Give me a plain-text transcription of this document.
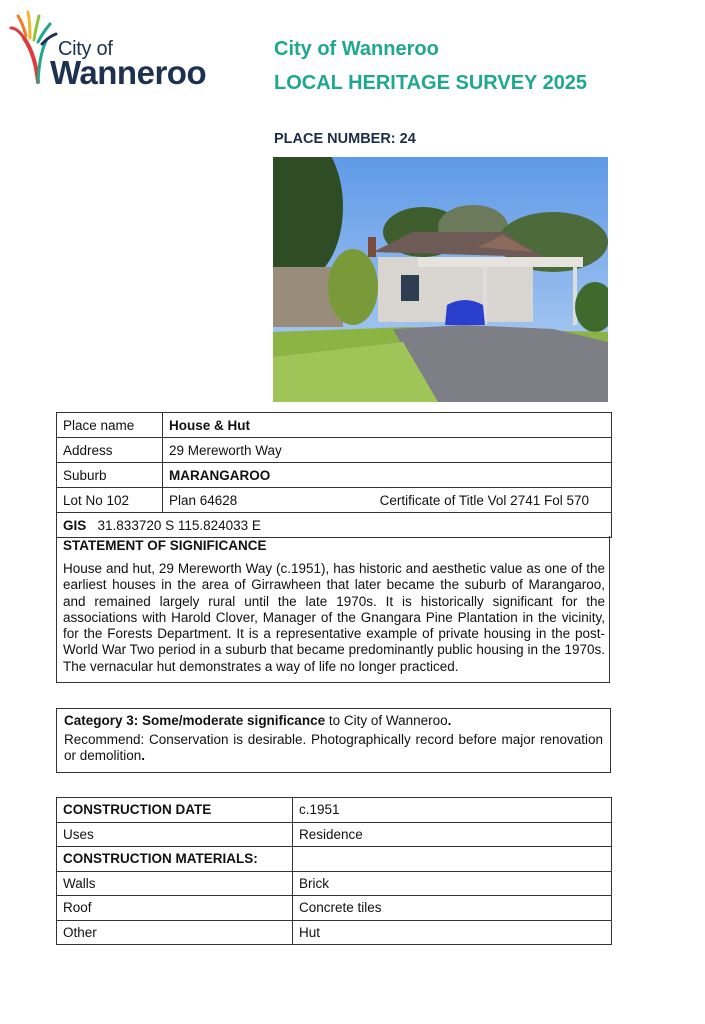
City of
Wanneroo
City of Wanneroo
LOCAL HERITAGE SURVEY 2025
PLACE NUMBER: 24
Place name	House & Hut
Address	29 Mereworth Way
Suburb	MARANGAROO
Lot No 102	Plan 64628 Certificate of Title Vol 2741 Fol 570

GIS 31.833720 S 115.824033 E	
STATEMENT OF SIGNIFICANCE
House and hut, 29 Mereworth Way (c.1951), has historic and aesthetic value as one of the earliest houses in the area of Girrawheen that later became the suburb of Marangaroo, and remained largely rural until the late 1970s. It is historically significant for the associations with Harold Clover, Manager of the Gnangara Pine Plantation in the vicinity, for the Forests Department. It is a representative example of private housing in the post- World War Two period in a suburb that became predominantly public housing in the 1970s. The vernacular hut demonstrates a way of life no longer practiced.
Category 3: Some/moderate significance to City of Wanneroo.
Recommend: Conservation is desirable. Photographically record before major renovation or demolition.
CONSTRUCTION DATE	c.1951
Uses	Residence
CONSTRUCTION MATERIALS:	
Walls	Brick
Roof	Concrete tiles
Other	Hut
